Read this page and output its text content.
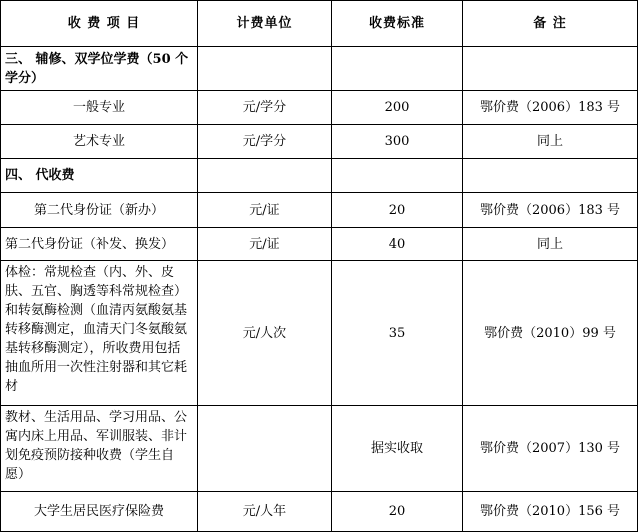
收 费 项 目	计费单位	收费标准	备 注
三、 辅修、双学位学费（50 个学分）			
一般专业	元/学分	200	鄂价费（2006）183 号
艺术专业	元/学分	300	同上
四、 代收费			
第二代身份证（新办）	元/证	20	鄂价费（2006）183 号
第二代身份证（补发、换发）	元/证	40	同上
体检：常规检查（内、外、皮肤、五官、胸透等科常规检查）和转氨酶检测（血清丙氨酸氨基转移酶测定，血清天门冬氨酸氨基转移酶测定），所收费用包括抽血所用一次性注射器和其它耗材	元/人次	35	鄂价费（2010）99 号
教材、生活用品、学习用品、公寓内床上用品、军训服装、非计划免疫预防接种收费（学生自愿）		据实收取	鄂价费（2007）130 号
大学生居民医疗保险费	元/人年	20	鄂价费（2010）156 号
